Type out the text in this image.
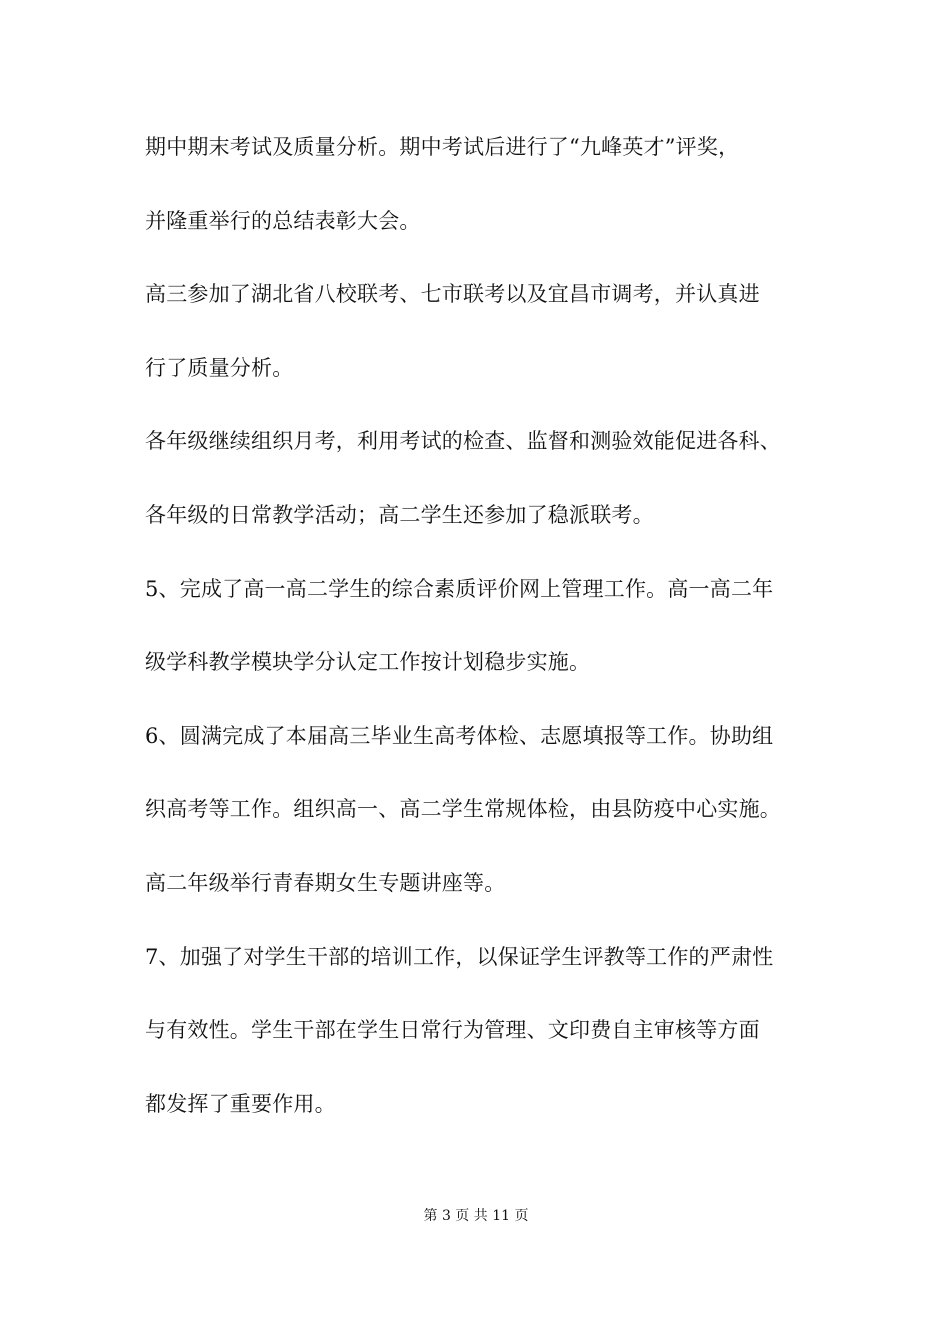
期中期末考试及质量分析。期中考试后进行了“九峰英才”评奖，
并隆重举行的总结表彰大会。
高三参加了湖北省八校联考、七市联考以及宜昌市调考，并认真进
行了质量分析。
各年级继续组织月考，利用考试的检查、监督和测验效能促进各科、
各年级的日常教学活动；高二学生还参加了稳派联考。
5、完成了高一高二学生的综合素质评价网上管理工作。高一高二年
级学科教学模块学分认定工作按计划稳步实施。
6、圆满完成了本届高三毕业生高考体检、志愿填报等工作。协助组
织高考等工作。组织高一、高二学生常规体检，由县防疫中心实施。
高二年级举行青春期女生专题讲座等。
7、加强了对学生干部的培训工作，以保证学生评教等工作的严肃性
与有效性。学生干部在学生日常行为管理、文印费自主审核等方面
都发挥了重要作用。
第 3 页 共 11 页
